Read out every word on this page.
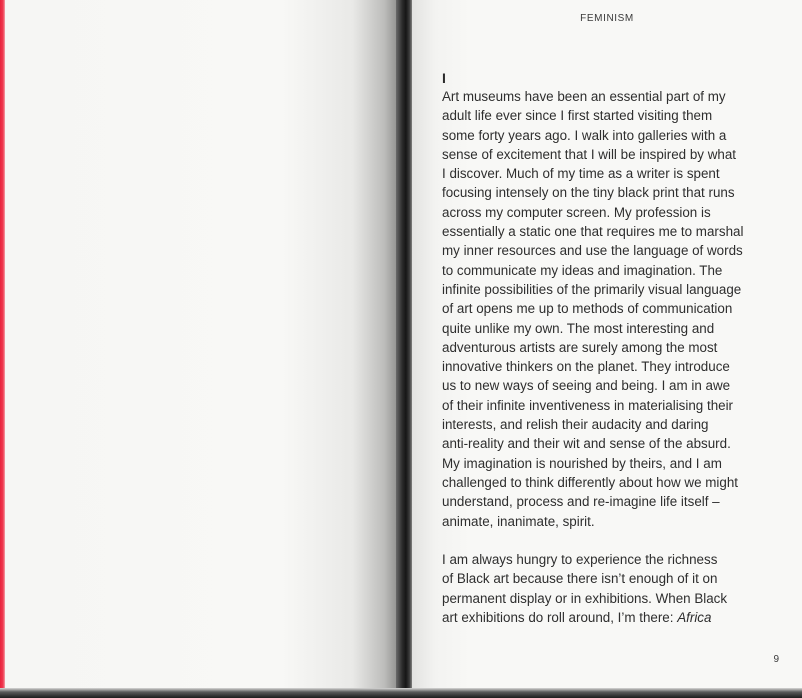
FEMINISM
I
Art museums have been an essential part of my
adult life ever since I first started visiting them
some forty years ago. I walk into galleries with a
sense of excitement that I will be inspired by what
I discover. Much of my time as a writer is spent
focusing intensely on the tiny black print that runs
across my computer screen. My profession is
essentially a static one that requires me to marshal
my inner resources and use the language of words
to communicate my ideas and imagination. The
infinite possibilities of the primarily visual language
of art opens me up to methods of communication
quite unlike my own. The most interesting and
adventurous artists are surely among the most
innovative thinkers on the planet. They introduce
us to new ways of seeing and being. I am in awe
of their infinite inventiveness in materialising their
interests, and relish their audacity and daring
anti-reality and their wit and sense of the absurd.
My imagination is nourished by theirs, and I am
challenged to think differently about how we might
understand, process and re-imagine life itself –
animate, inanimate, spirit.
I am always hungry to experience the richness
of Black art because there isn’t enough of it on
permanent display or in exhibitions. When Black
art exhibitions do roll around, I’m there: Africa
9
